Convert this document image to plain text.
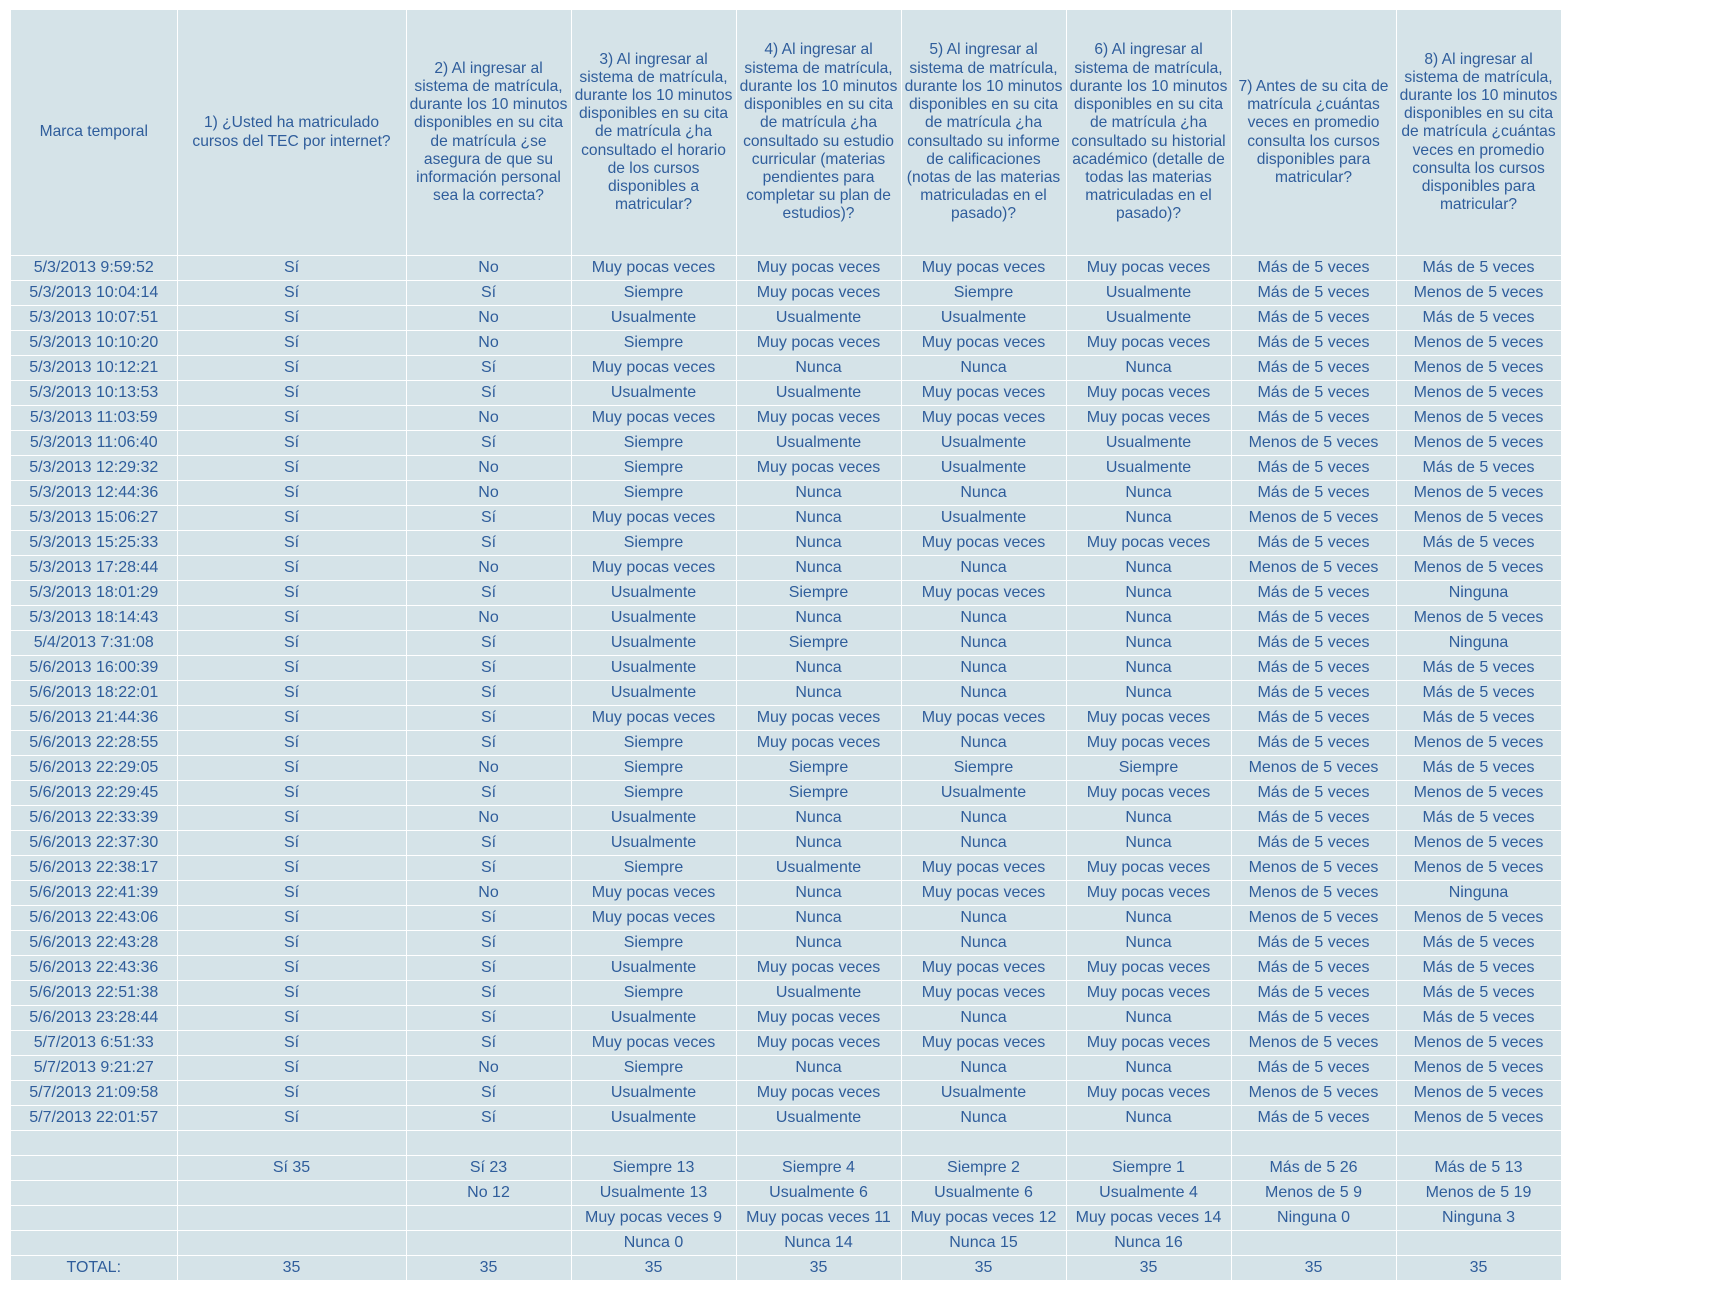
Marca temporal	1) ¿Usted ha matriculado cursos del TEC por internet?	2) Al ingresar al sistema de matrícula, durante los 10 minutos disponibles en su cita de matrícula ¿se asegura de que su información personal sea la correcta?	3) Al ingresar al sistema de matrícula, durante los 10 minutos disponibles en su cita de matrícula ¿ha consultado el horario de los cursos disponibles a matricular?	4) Al ingresar al sistema de matrícula, durante los 10 minutos disponibles en su cita de matrícula ¿ha consultado su estudio curricular (materias pendientes para completar su plan de estudios)?	5) Al ingresar al sistema de matrícula, durante los 10 minutos disponibles en su cita de matrícula ¿ha consultado su informe de calificaciones (notas de las materias matriculadas en el pasado)?	6) Al ingresar al sistema de matrícula, durante los 10 minutos disponibles en su cita de matrícula ¿ha consultado su historial académico (detalle de todas las materias matriculadas en el pasado)?	7) Antes de su cita de matrícula ¿cuántas veces en promedio consulta los cursos disponibles para matricular?	8) Al ingresar al sistema de matrícula, durante los 10 minutos disponibles en su cita de matrícula ¿cuántas veces en promedio consulta los cursos disponibles para matricular?
5/3/2013 9:59:52	Sí	No	Muy pocas veces	Muy pocas veces	Muy pocas veces	Muy pocas veces	Más de 5 veces	Más de 5 veces
5/3/2013 10:04:14	Sí	Sí	Siempre	Muy pocas veces	Siempre	Usualmente	Más de 5 veces	Menos de 5 veces
5/3/2013 10:07:51	Sí	No	Usualmente	Usualmente	Usualmente	Usualmente	Más de 5 veces	Más de 5 veces
5/3/2013 10:10:20	Sí	No	Siempre	Muy pocas veces	Muy pocas veces	Muy pocas veces	Más de 5 veces	Menos de 5 veces
5/3/2013 10:12:21	Sí	Sí	Muy pocas veces	Nunca	Nunca	Nunca	Más de 5 veces	Menos de 5 veces
5/3/2013 10:13:53	Sí	Sí	Usualmente	Usualmente	Muy pocas veces	Muy pocas veces	Más de 5 veces	Menos de 5 veces
5/3/2013 11:03:59	Sí	No	Muy pocas veces	Muy pocas veces	Muy pocas veces	Muy pocas veces	Más de 5 veces	Menos de 5 veces
5/3/2013 11:06:40	Sí	Sí	Siempre	Usualmente	Usualmente	Usualmente	Menos de 5 veces	Menos de 5 veces
5/3/2013 12:29:32	Sí	No	Siempre	Muy pocas veces	Usualmente	Usualmente	Más de 5 veces	Más de 5 veces
5/3/2013 12:44:36	Sí	No	Siempre	Nunca	Nunca	Nunca	Más de 5 veces	Menos de 5 veces
5/3/2013 15:06:27	Sí	Sí	Muy pocas veces	Nunca	Usualmente	Nunca	Menos de 5 veces	Menos de 5 veces
5/3/2013 15:25:33	Sí	Sí	Siempre	Nunca	Muy pocas veces	Muy pocas veces	Más de 5 veces	Más de 5 veces
5/3/2013 17:28:44	Sí	No	Muy pocas veces	Nunca	Nunca	Nunca	Menos de 5 veces	Menos de 5 veces
5/3/2013 18:01:29	Sí	Sí	Usualmente	Siempre	Muy pocas veces	Nunca	Más de 5 veces	Ninguna
5/3/2013 18:14:43	Sí	No	Usualmente	Nunca	Nunca	Nunca	Más de 5 veces	Menos de 5 veces
5/4/2013 7:31:08	Sí	Sí	Usualmente	Siempre	Nunca	Nunca	Más de 5 veces	Ninguna
5/6/2013 16:00:39	Sí	Sí	Usualmente	Nunca	Nunca	Nunca	Más de 5 veces	Más de 5 veces
5/6/2013 18:22:01	Sí	Sí	Usualmente	Nunca	Nunca	Nunca	Más de 5 veces	Más de 5 veces
5/6/2013 21:44:36	Sí	Sí	Muy pocas veces	Muy pocas veces	Muy pocas veces	Muy pocas veces	Más de 5 veces	Más de 5 veces
5/6/2013 22:28:55	Sí	Sí	Siempre	Muy pocas veces	Nunca	Muy pocas veces	Más de 5 veces	Menos de 5 veces
5/6/2013 22:29:05	Sí	No	Siempre	Siempre	Siempre	Siempre	Menos de 5 veces	Más de 5 veces
5/6/2013 22:29:45	Sí	Sí	Siempre	Siempre	Usualmente	Muy pocas veces	Más de 5 veces	Menos de 5 veces
5/6/2013 22:33:39	Sí	No	Usualmente	Nunca	Nunca	Nunca	Más de 5 veces	Más de 5 veces
5/6/2013 22:37:30	Sí	Sí	Usualmente	Nunca	Nunca	Nunca	Más de 5 veces	Menos de 5 veces
5/6/2013 22:38:17	Sí	Sí	Siempre	Usualmente	Muy pocas veces	Muy pocas veces	Menos de 5 veces	Menos de 5 veces
5/6/2013 22:41:39	Sí	No	Muy pocas veces	Nunca	Muy pocas veces	Muy pocas veces	Menos de 5 veces	Ninguna
5/6/2013 22:43:06	Sí	Sí	Muy pocas veces	Nunca	Nunca	Nunca	Menos de 5 veces	Menos de 5 veces
5/6/2013 22:43:28	Sí	Sí	Siempre	Nunca	Nunca	Nunca	Más de 5 veces	Más de 5 veces
5/6/2013 22:43:36	Sí	Sí	Usualmente	Muy pocas veces	Muy pocas veces	Muy pocas veces	Más de 5 veces	Más de 5 veces
5/6/2013 22:51:38	Sí	Sí	Siempre	Usualmente	Muy pocas veces	Muy pocas veces	Más de 5 veces	Más de 5 veces
5/6/2013 23:28:44	Sí	Sí	Usualmente	Muy pocas veces	Nunca	Nunca	Más de 5 veces	Más de 5 veces
5/7/2013 6:51:33	Sí	Sí	Muy pocas veces	Muy pocas veces	Muy pocas veces	Muy pocas veces	Menos de 5 veces	Menos de 5 veces
5/7/2013 9:21:27	Sí	No	Siempre	Nunca	Nunca	Nunca	Más de 5 veces	Menos de 5 veces
5/7/2013 21:09:58	Sí	Sí	Usualmente	Muy pocas veces	Usualmente	Muy pocas veces	Menos de 5 veces	Menos de 5 veces
5/7/2013 22:01:57	Sí	Sí	Usualmente	Usualmente	Nunca	Nunca	Más de 5 veces	Menos de 5 veces

	Sí 35	Sí 23	Siempre 13	Siempre 4	Siempre 2	Siempre 1	Más de 5 26	Más de 5 13
		No 12	Usualmente 13	Usualmente 6	Usualmente 6	Usualmente 4	Menos de 5 9	Menos de 5 19
			Muy pocas veces 9	Muy pocas veces 11	Muy pocas veces 12	Muy pocas veces 14	Ninguna 0	Ninguna 3
			Nunca 0	Nunca 14	Nunca 15	Nunca 16		
TOTAL:	35	35	35	35	35	35	35	35
